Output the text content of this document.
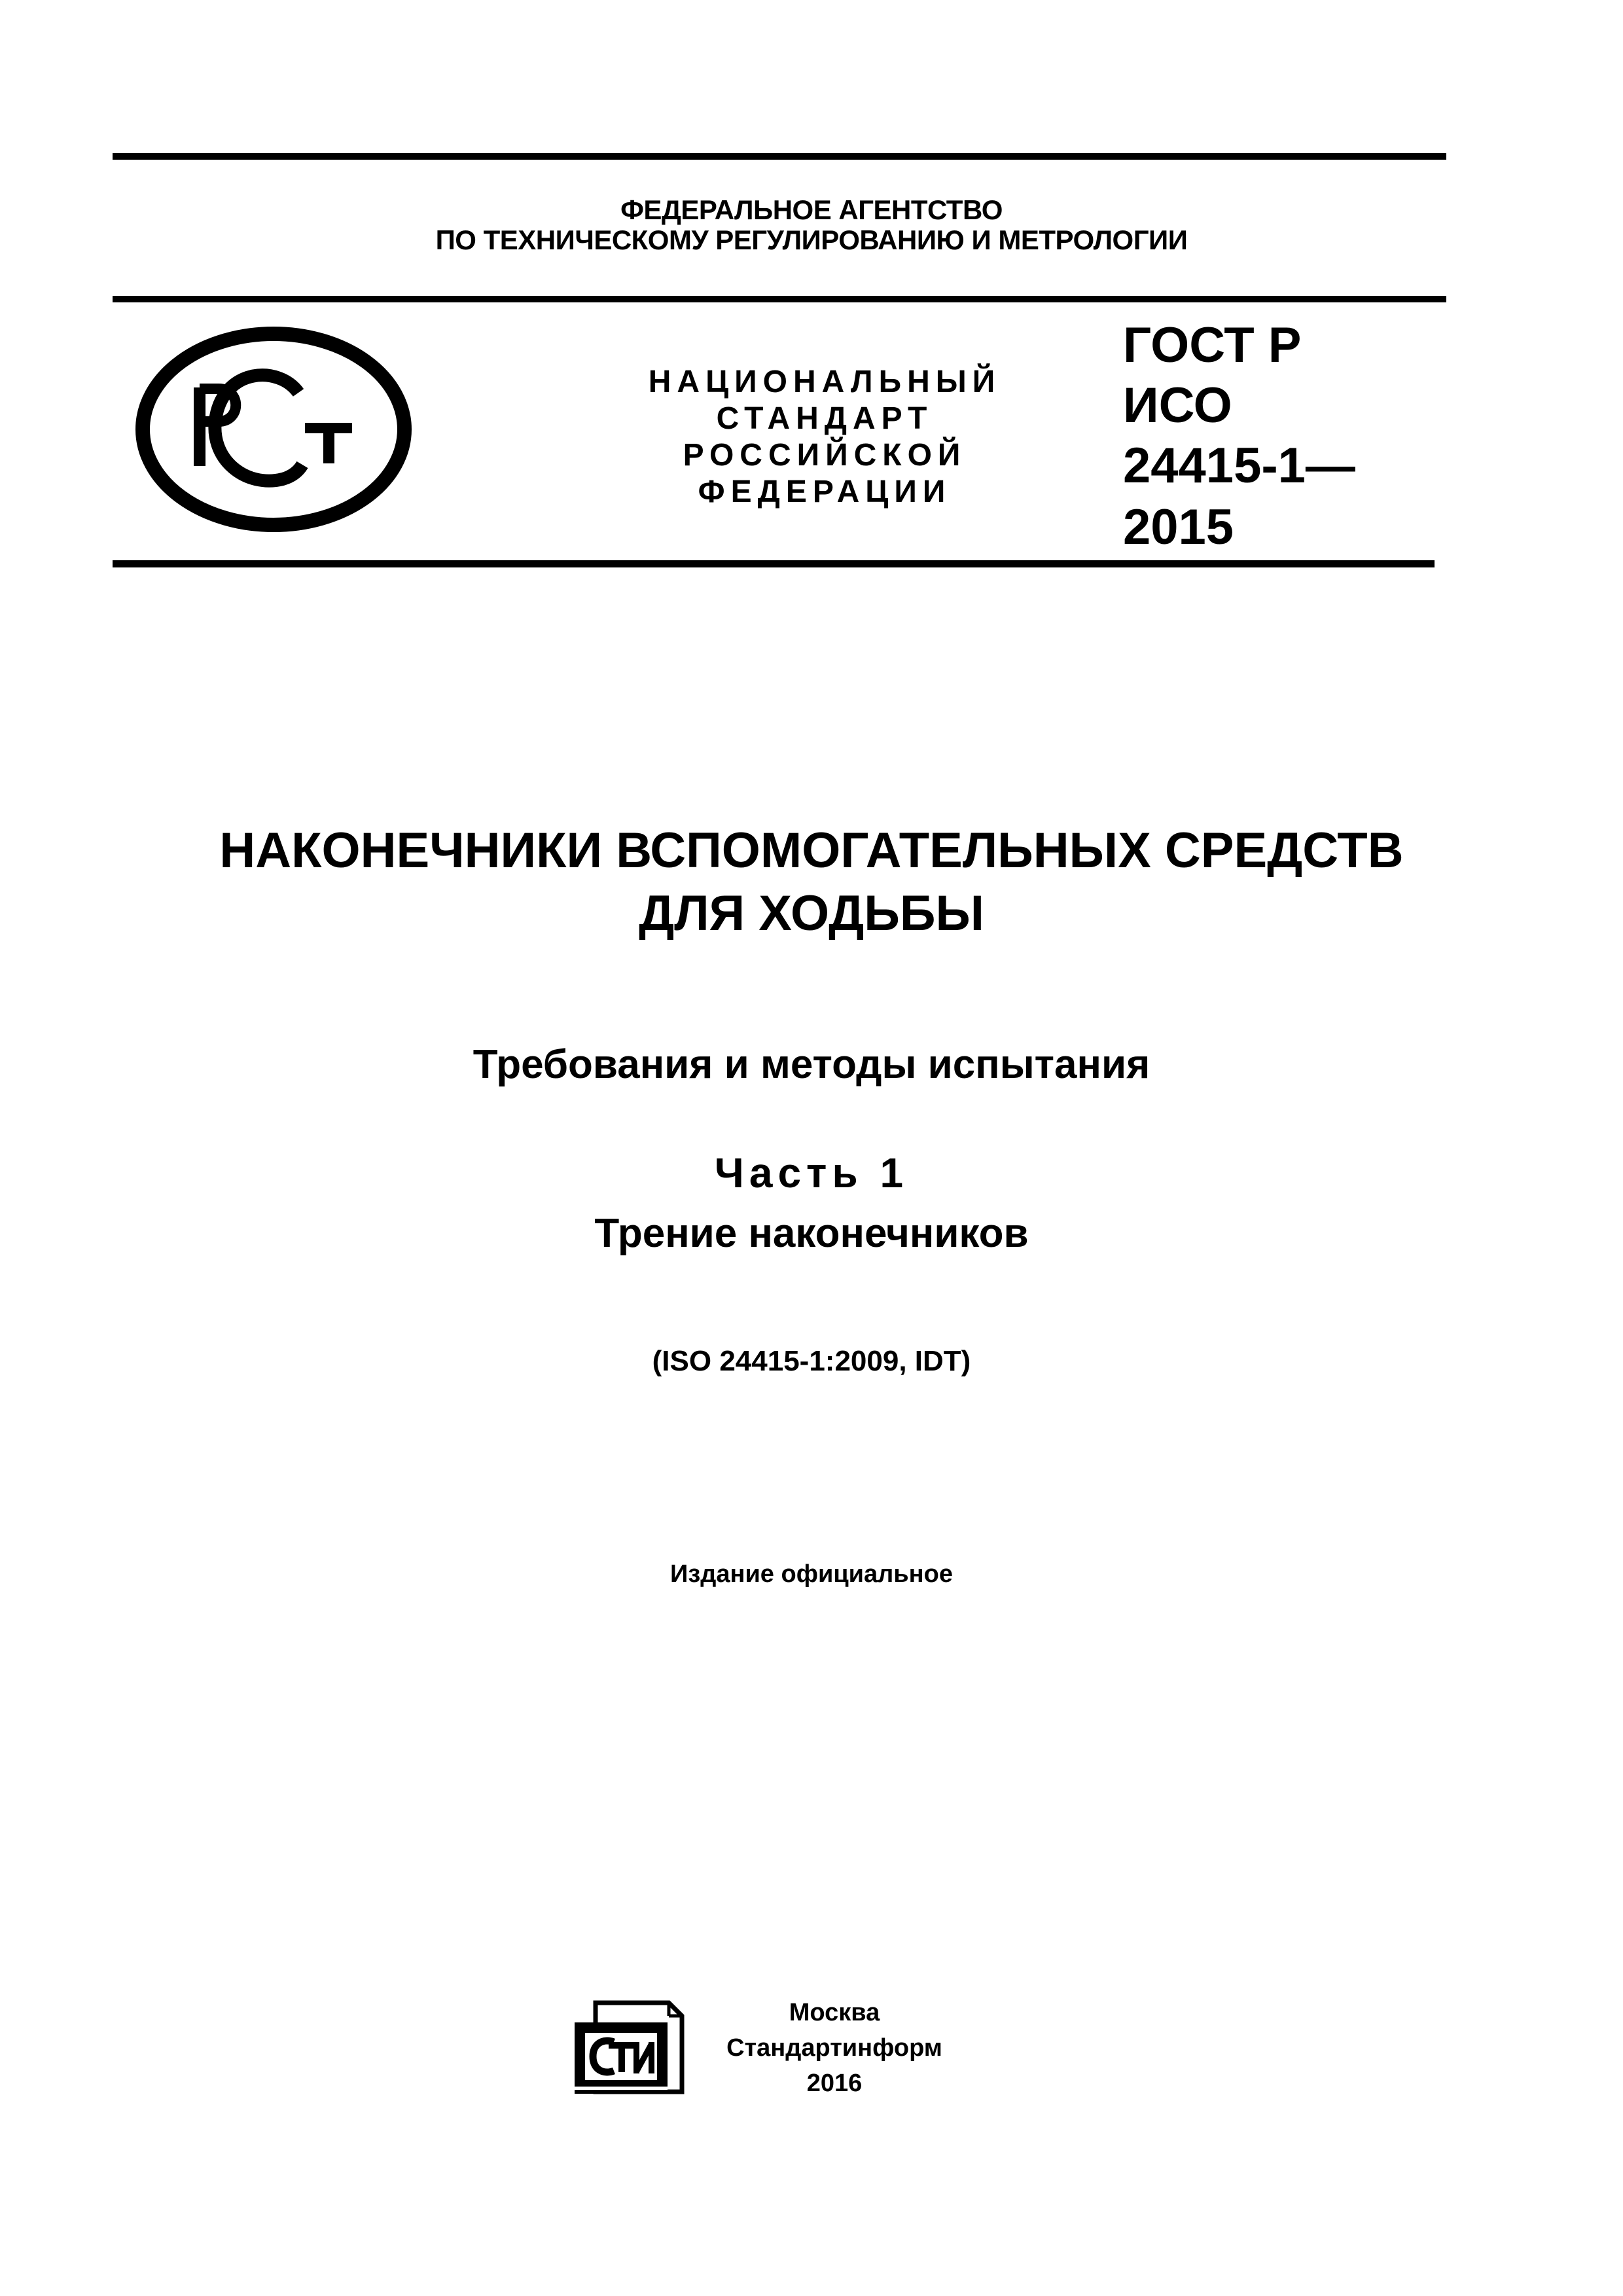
ФЕДЕРАЛЬНОЕ АГЕНТСТВО
ПО ТЕХНИЧЕСКОМУ РЕГУЛИРОВАНИЮ И МЕТРОЛОГИИ
НАЦИОНАЛЬНЫЙ
СТАНДАРТ
РОССИЙСКОЙ
ФЕДЕРАЦИИ
ГОСТ Р
ИСО
24415-1—
2015
НАКОНЕЧНИКИ ВСПОМОГАТЕЛЬНЫХ СРЕДСТВ
ДЛЯ ХОДЬБЫ
Требования и методы испытания
Часть 1
Трение наконечников
(ISO 24415-1:2009, IDT)
Издание официальное
Москва
Стандартинформ
2016
